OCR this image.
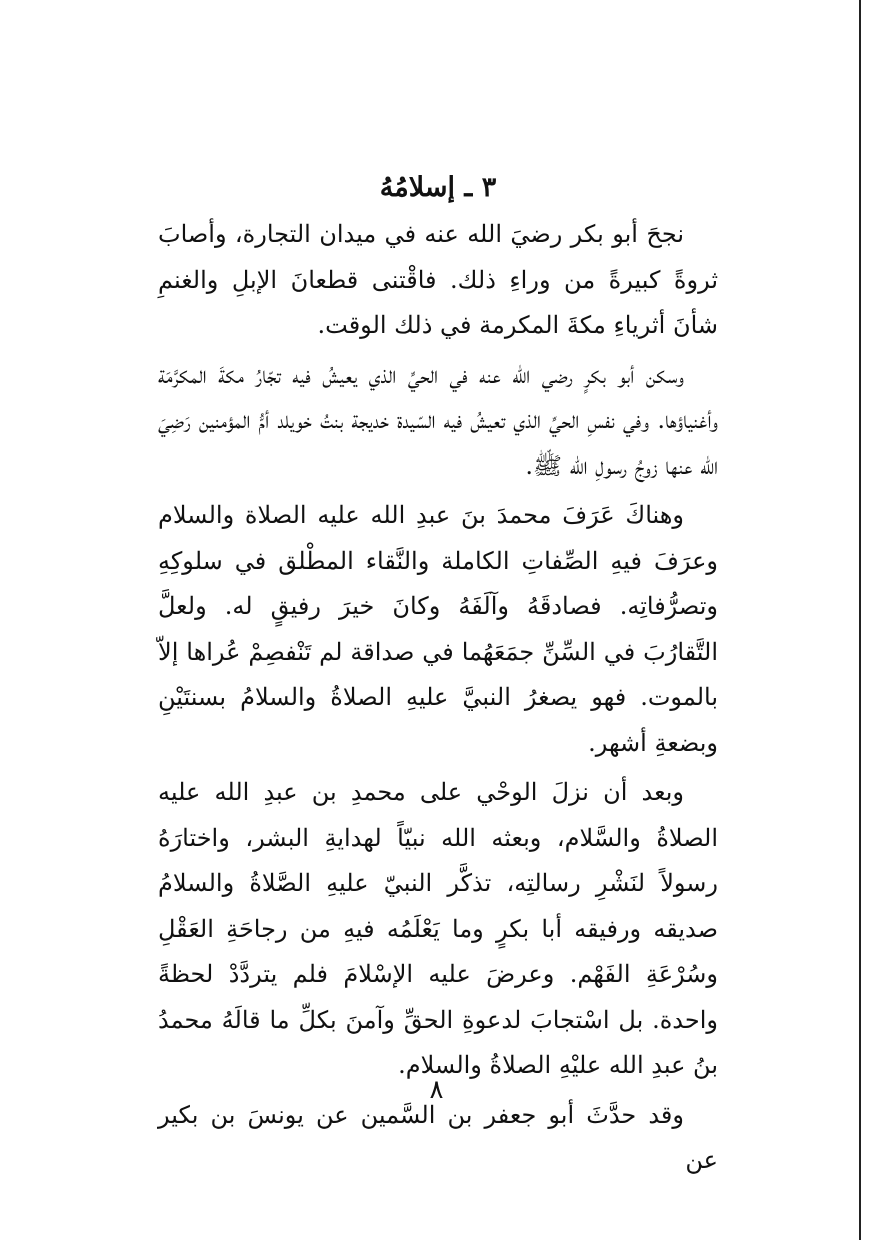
٣ ـ إسلامُهُ

نجحَ أبو بكر رضيَ الله عنه في ميدان التجارة، وأصابَ ثروةً كبيرةً من وراءِ ذلك. فاقْتنى قطعانَ الإبلِ والغنمِ شأنَ أثرياءِ مكةَ المكرمة في ذلك الوقت.

وسكن أبو بكرٍ رضي الله عنه في الحيِّ الذي يعيشُ فيه تجّارُ مكةَ المكرَّمَة وأغنياؤها. وفي نفسِ الحيِّ الذي تعيشُ فيه السّيدة خديجة بنتُ خويلد أمُّ المؤمنين رَضِيَ الله عنها زوجُ رسولِ الله ﷺ.

وهناكَ عَرَفَ محمدَ بنَ عبدِ الله عليه الصلاة والسلام وعرَفَ فيهِ الصِّفاتِ الكاملة والنَّقاء المطْلق في سلوكِهِ وتصرُّفاتِه. فصادقَهُ وآلَفَهُ وكانَ خيرَ رفيقٍ له. ولعلَّ التَّقارُبَ في السِّنِّ جمَعَهُما في صداقة لم تَنْفصِمْ عُراها إلاّ بالموت. فهو يصغرُ النبيَّ عليهِ الصلاةُ والسلامُ بسنتَيْنِ وبضعةِ أشهر.

وبعد أن نزلَ الوحْي على محمدِ بن عبدِ الله عليه الصلاةُ والسَّلام، وبعثه الله نبيّاً لهدايةِ البشر، واختارَهُ رسولاً لنَشْرِ رسالتِه، تذكَّر النبيّ عليهِ الصَّلاةُ والسلامُ صديقه ورفيقه أبا بكرٍ وما يَعْلَمُه فيهِ من رجاحَةِ العَقْلِ وسُرْعَةِ الفَهْم. وعرضَ عليه الإسْلامَ فلم يتردَّدْ لحظةً واحدة. بل اسْتجابَ لدعوةِ الحقِّ وآمنَ بكلِّ ما قالَهُ محمدُ بنُ عبدِ الله عليْهِ الصلاةُ والسلام.

وقد حدَّثَ أبو جعفر بن السَّمين عن يونسَ بن بكير عن

٨
